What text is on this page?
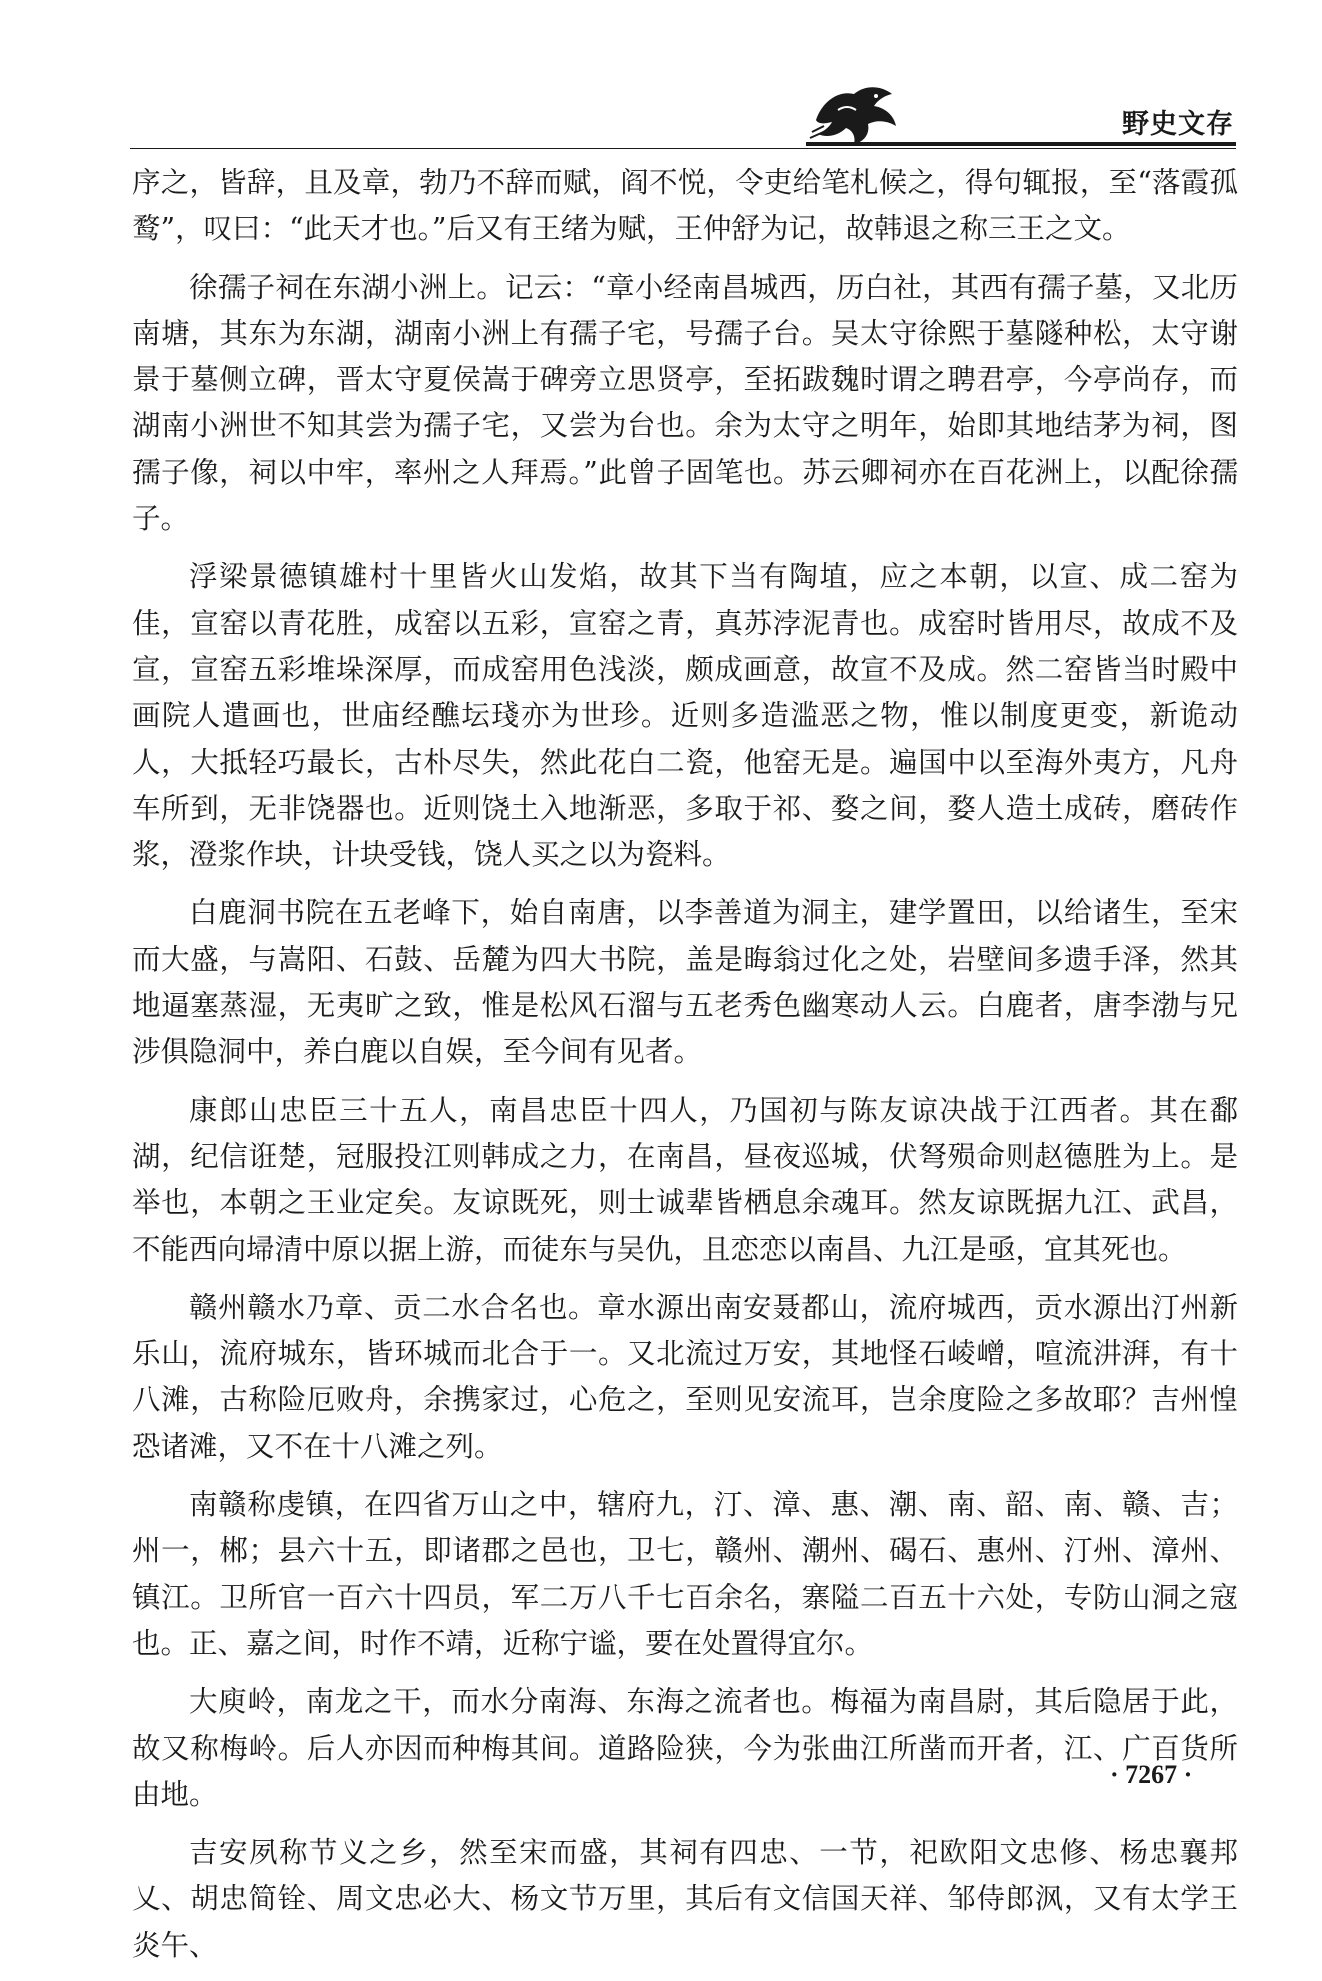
野史文存

序之，皆辞，且及章，勃乃不辞而赋，阎不悦，令吏给笔札候之，得句辄报，至“落霞孤鹜”，叹曰：“此天才也。”后又有王绪为赋，王仲舒为记，故韩退之称三王之文。

徐孺子祠在东湖小洲上。记云：“章小经南昌城西，历白社，其西有孺子墓，又北历南塘，其东为东湖，湖南小洲上有孺子宅，号孺子台。吴太守徐熙于墓隧种松，太守谢景于墓侧立碑，晋太守夏侯嵩于碑旁立思贤亭，至拓跋魏时谓之聘君亭，今亭尚存，而湖南小洲世不知其尝为孺子宅，又尝为台也。余为太守之明年，始即其地结茅为祠，图孺子像，祠以中牢，率州之人拜焉。”此曾子固笔也。苏云卿祠亦在百花洲上，以配徐孺子。

浮梁景德镇雄村十里皆火山发焰，故其下当有陶埴，应之本朝，以宣、成二窑为佳，宣窑以青花胜，成窑以五彩，宣窑之青，真苏浡泥青也。成窑时皆用尽，故成不及宣，宣窑五彩堆垛深厚，而成窑用色浅淡，颇成画意，故宣不及成。然二窑皆当时殿中画院人遣画也，世庙经醮坛琖亦为世珍。近则多造滥恶之物，惟以制度更变，新诡动人，大抵轻巧最长，古朴尽失，然此花白二瓷，他窑无是。遍国中以至海外夷方，凡舟车所到，无非饶器也。近则饶土入地渐恶，多取于祁、婺之间，婺人造土成砖，磨砖作浆，澄浆作块，计块受钱，饶人买之以为瓷料。

白鹿洞书院在五老峰下，始自南唐，以李善道为洞主，建学置田，以给诸生，至宋而大盛，与嵩阳、石鼓、岳麓为四大书院，盖是晦翁过化之处，岩壁间多遗手泽，然其地逼塞蒸湿，无夷旷之致，惟是松风石溜与五老秀色幽寒动人云。白鹿者，唐李渤与兄涉俱隐洞中，养白鹿以自娱，至今间有见者。

康郎山忠臣三十五人，南昌忠臣十四人，乃国初与陈友谅决战于江西者。其在鄱湖，纪信诳楚，冠服投江则韩成之力，在南昌，昼夜巡城，伏弩殒命则赵德胜为上。是举也，本朝之王业定矣。友谅既死，则士诚辈皆栖息余魂耳。然友谅既据九江、武昌，不能西向埽清中原以据上游，而徒东与吴仇，且恋恋以南昌、九江是亟，宜其死也。

赣州赣水乃章、贡二水合名也。章水源出南安聂都山，流府城西，贡水源出汀州新乐山，流府城东，皆环城而北合于一。又北流过万安，其地怪石崚嶒，喧流汫湃，有十八滩，古称险厄败舟，余携家过，心危之，至则见安流耳，岂余度险之多故耶？吉州惶恐诸滩，又不在十八滩之列。

南赣称虔镇，在四省万山之中，辖府九，汀、漳、惠、潮、南、韶、南、赣、吉；州一，郴；县六十五，即诸郡之邑也，卫七，赣州、潮州、碣石、惠州、汀州、漳州、镇江。卫所官一百六十四员，军二万八千七百余名，寨隘二百五十六处，专防山洞之寇也。正、嘉之间，时作不靖，近称宁谧，要在处置得宜尔。

大庾岭，南龙之干，而水分南海、东海之流者也。梅福为南昌尉，其后隐居于此，故又称梅岭。后人亦因而种梅其间。道路险狭，今为张曲江所凿而开者，江、广百货所由地。

吉安夙称节义之乡，然至宋而盛，其祠有四忠、一节，祀欧阳文忠修、杨忠襄邦乂、胡忠简铨、周文忠必大、杨文节万里，其后有文信国天祥、邹侍郎沨，又有太学王炎午、

· 7267 ·
